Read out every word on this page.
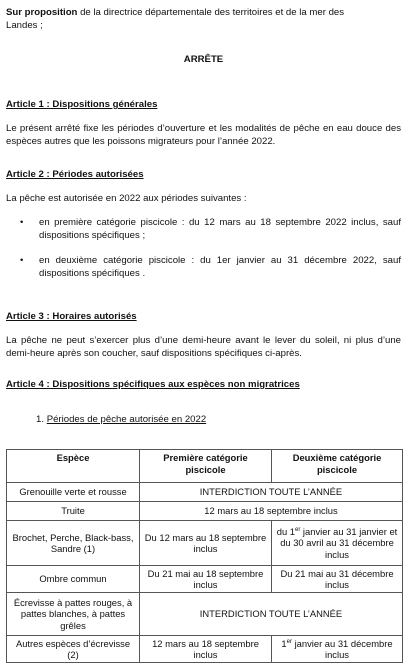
Sur proposition de la directrice départementale des territoires et de la mer des
Landes ;
ARRÊTE
Article 1 : Dispositions générales
Le présent arrêté fixe les périodes d’ouverture et les modalités de pêche en eau douce des espèces autres que les poissons migrateurs pour l’année 2022.
Article 2 : Périodes autorisées
La pêche est autorisée en 2022 aux périodes suivantes :
• en première catégorie piscicole : du 12 mars au 18 septembre 2022 inclus, sauf dispositions spécifiques ;
• en deuxième catégorie piscicole : du 1er janvier au 31 décembre 2022, sauf dispositions spécifiques .
Article 3 : Horaires autorisés
La pêche ne peut s’exercer plus d’une demi-heure avant le lever du soleil, ni plus d’une demi-heure après son coucher, sauf dispositions spécifiques ci-après.
Article 4 : Dispositions spécifiques aux espèces non migratrices
1. Périodes de pêche autorisée en 2022
Espèce	Première catégorie piscicole	Deuxième catégorie piscicole
Grenouille verte et rousse	INTERDICTION TOUTE L’ANNÉE	
Truite	12 mars au 18 septembre inclus	
Brochet, Perche, Black-bass, Sandre (1)	Du 12 mars au 18 septembre inclus	du 1er janvier au 31 janvier et du 30 avril au 31 décembre inclus
Ombre commun	Du 21 mai au 18 septembre inclus	Du 21 mai au 31 décembre inclus
Écrevisse à pattes rouges, à pattes blanches, à pattes grêles	INTERDICTION TOUTE L’ANNÉE	
Autres espèces d’écrevisse (2)	12 mars au 18 septembre inclus	1er janvier au 31 décembre inclus
